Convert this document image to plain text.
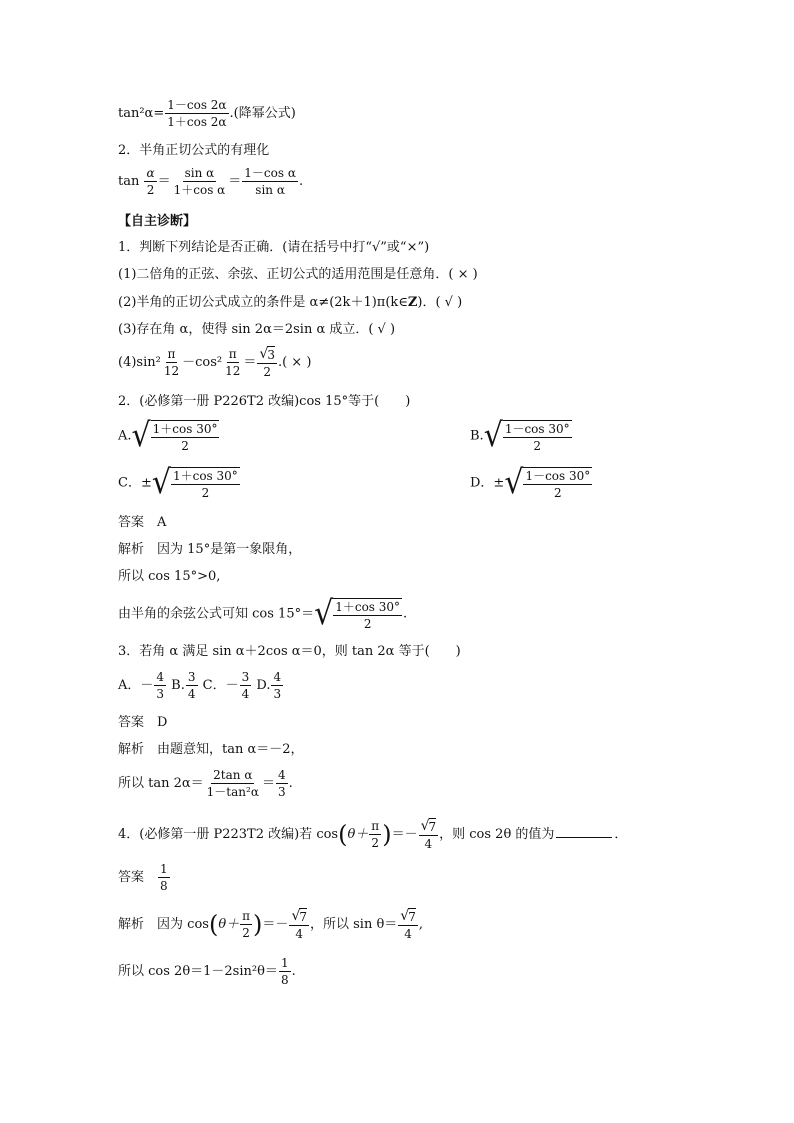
$\tan^2\alpha= \frac{1-\cos 2\alpha}{1+\cos 2\alpha}$ .(降幂公式)
2．半角正切公式的有理化
$\tan \frac{\alpha}{2} = \frac{\text{sin α}}{\text{1＋cos α}} = \frac{\text{1－cos α}}{\text{sin α}}$ .
【自主诊断】
1．判断下列结论是否正确．(请在括号中打“√”或“×”)
(1)二倍角的正弦、余弦、正切公式的适用范围是任意角．( × )
(2)半角的正切公式成立的条件是 α≠(2k＋1)π(k∈Z)．( √ )
(3)存在角 α，使得 sin 2α＝2sin α 成立．( √ )
$(4)\sin^2 \frac{\pi}{12} -\cos^2 \frac{\pi}{12} = \frac{√ 3}{2}$ .( × )
2．(必修第一册 P226T2 改编)cos 15°等于(　　)
A. √ $\frac{1+\cos 30^\circ}{2}$	B. √ $\frac{1-\cos 30^\circ}{2}$
C．± √ $\frac{1+\cos 30^\circ}{2}$	D．± √ $\frac{1-\cos 30^\circ}{2}$
答案　 A
解析　 因为 15°是第一象限角，
所以 cos 15°>0,
由半角的余弦公式可知 cos 15°＝ √ $\frac{1+\cos 30^\circ}{2}$ .
3．若角 α 满足 sin α＋2cos α＝0，则 tan 2α 等于(　　)
A．－ $\frac{4}{3} B$. $\frac{3}{4}$ C．－ $\frac{3}{4} D$. $\frac{4}{3}$
答案　 D
解析　 由题意知，tan α＝－2，
所以 $\tan 2\alpha= \frac{\text{2tan α}}{\text{1－tan²α}} = \frac{4}{3}$ .
4．(必修第一册 P223T2 改编)若 $\cos(\theta+ \frac{\pi}{2}$ )＝－ $\frac{√ 7}{4}$ ，则 cos 2θ 的值为	．
答案　 $\frac{1}{8}$
解析　 因为 $\cos(\theta+ \frac{\pi}{2}$ )＝－ $\frac{√ 7}{4}$ ，所以 $\sin \theta= \frac{√ 7}{4}$ ,
所以 $\cos 2\theta=1-2\sin^2\theta= \frac{1}{8}$ .
